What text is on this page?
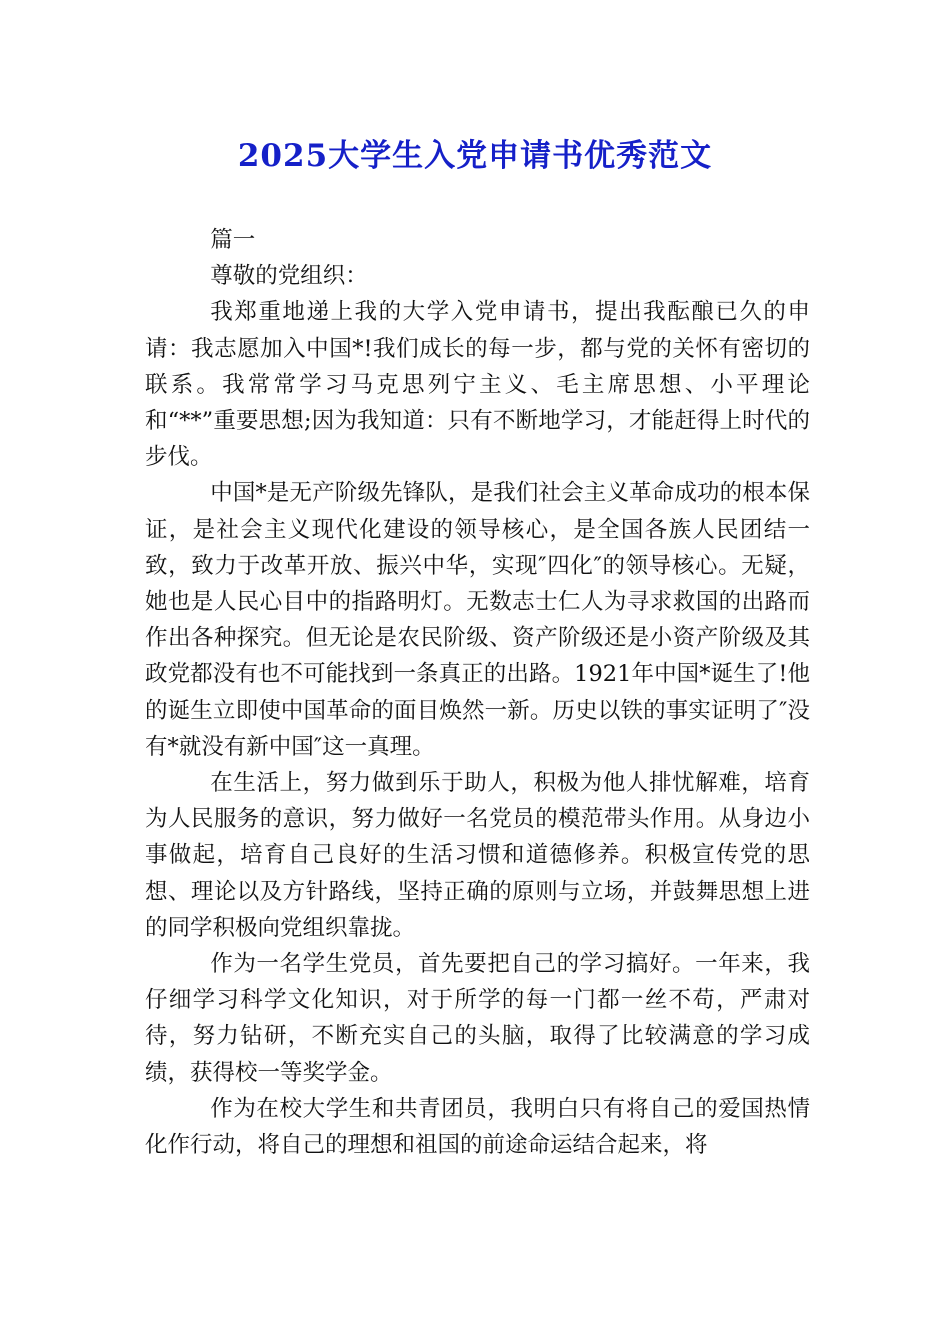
2025大学生入党申请书优秀范文

篇一

尊敬的党组织：

我郑重地递上我的大学入党申请书，提出我酝酿已久的申请：我志愿加入中国*!我们成长的每一步，都与党的关怀有密切的联系。我常常学习马克思列宁主义、毛主席思想、小平理论和“**”重要思想;因为我知道：只有不断地学习，才能赶得上时代的步伐。

中国*是无产阶级先锋队，是我们社会主义革命成功的根本保证，是社会主义现代化建设的领导核心，是全国各族人民团结一致，致力于改革开放、振兴中华，实现″四化″的领导核心。无疑，她也是人民心目中的指路明灯。无数志士仁人为寻求救国的出路而作出各种探究。但无论是农民阶级、资产阶级还是小资产阶级及其政党都没有也不可能找到一条真正的出路。1921年中国*诞生了!他的诞生立即使中国革命的面目焕然一新。历史以铁的事实证明了″没有*就没有新中国″这一真理。

在生活上，努力做到乐于助人，积极为他人排忧解难，培育为人民服务的意识，努力做好一名党员的模范带头作用。从身边小事做起，培育自己良好的生活习惯和道德修养。积极宣传党的思想、理论以及方针路线，坚持正确的原则与立场，并鼓舞思想上进的同学积极向党组织靠拢。

作为一名学生党员，首先要把自己的学习搞好。一年来，我仔细学习科学文化知识，对于所学的每一门都一丝不苟，严肃对待，努力钻研，不断充实自己的头脑，取得了比较满意的学习成绩，获得校一等奖学金。

作为在校大学生和共青团员，我明白只有将自己的爱国热情化作行动，将自己的理想和祖国的前途命运结合起来，将
